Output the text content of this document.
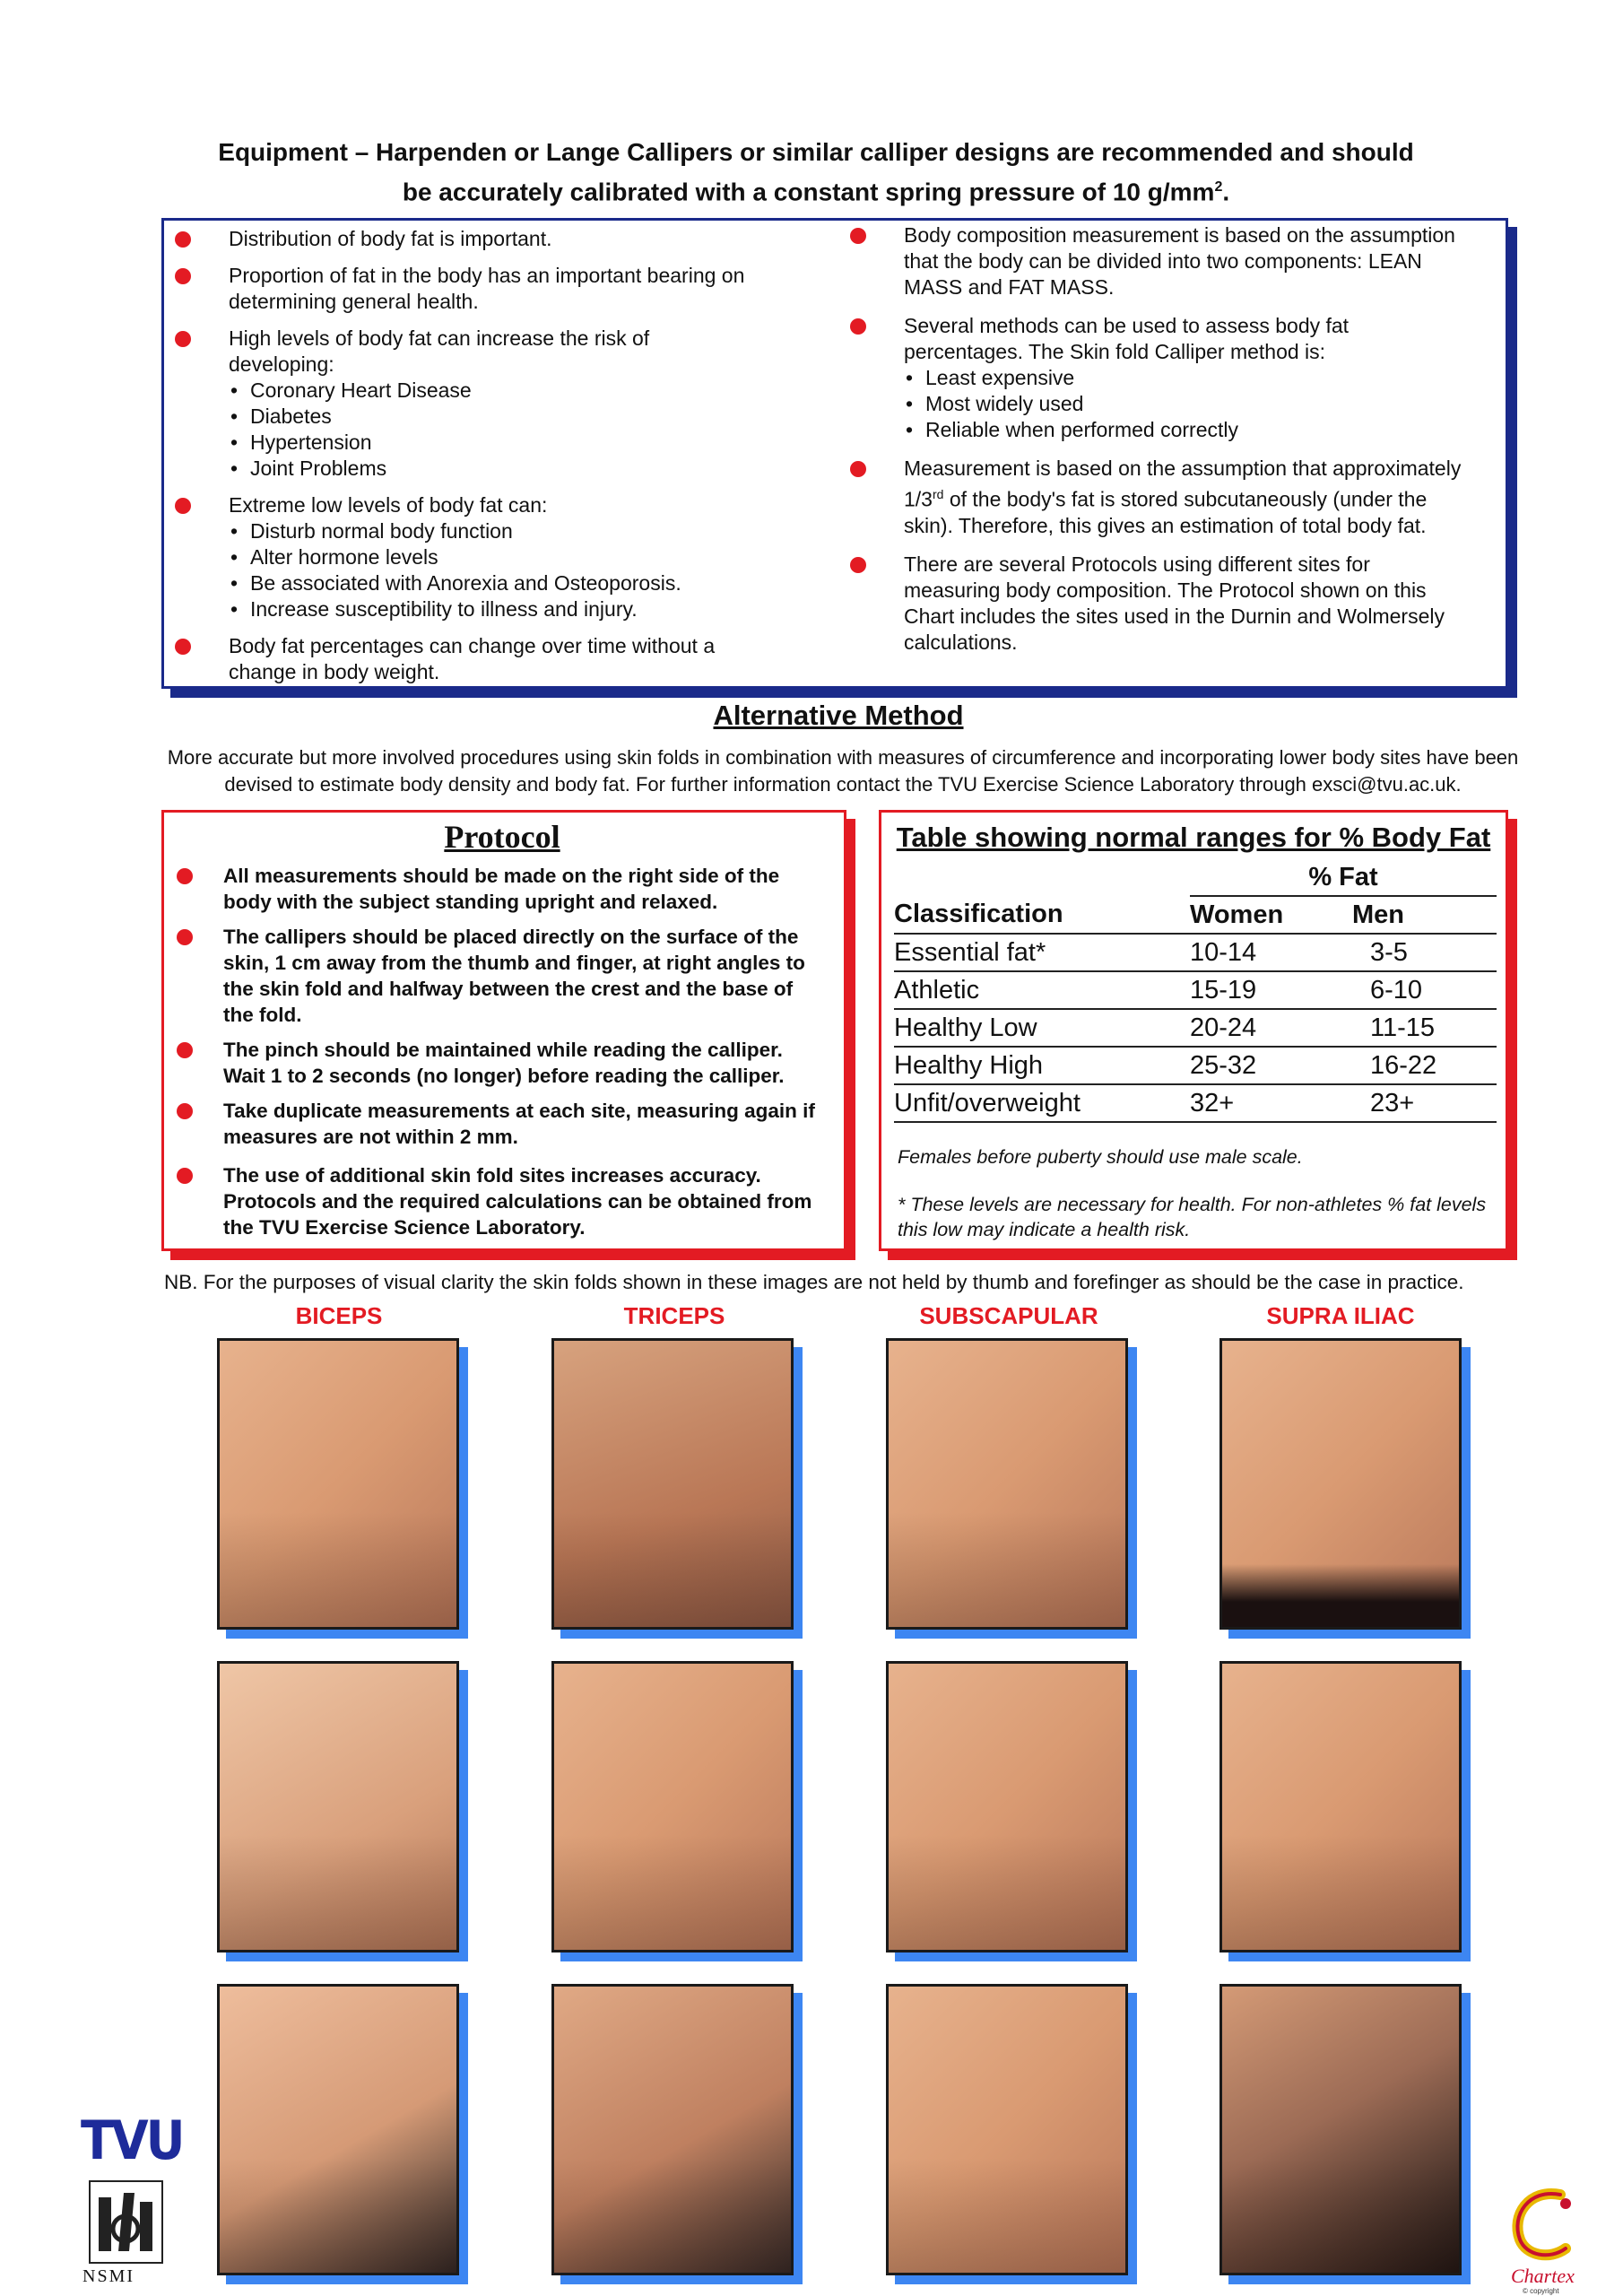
Equipment – Harpenden or Lange Callipers or similar calliper designs are recommended and should
be accurately calibrated with a constant spring pressure of 10 $g/mm^2$.
Distribution of body fat is important.
Proportion of fat in the body has an important bearing on determining general health.
High levels of body fat can increase the risk of developing:
• Coronary Heart Disease
• Diabetes
• Hypertension
• Joint Problems
Extreme low levels of body fat can:
• Disturb normal body function
• Alter hormone levels
• Be associated with Anorexia and Osteoporosis.
• Increase susceptibility to illness and injury.
Body fat percentages can change over time without a change in body weight.
Body composition measurement is based on the assumption that the body can be divided into two components: LEAN MASS and FAT MASS.
Several methods can be used to assess body fat percentages. The Skin fold Calliper method is:
• Least expensive
• Most widely used
• Reliable when performed correctly
Measurement is based on the assumption that approximately 1/3rd of the body's fat is stored subcutaneously (under the skin). Therefore, this gives an estimation of total body fat.
There are several Protocols using different sites for measuring body composition. The Protocol shown on this Chart includes the sites used in the Durnin and Wolmersely calculations.
Alternative Method
More accurate but more involved procedures using skin folds in combination with measures of circumference and incorporating lower body sites have been devised to estimate body density and body fat. For further information contact the TVU Exercise Science Laboratory through exsci@tvu.ac.uk.
Protocol
All measurements should be made on the right side of the body with the subject standing upright and relaxed.
The callipers should be placed directly on the surface of the skin, 1 cm away from the thumb and finger, at right angles to the skin fold and halfway between the crest and the base of the fold.
The pinch should be maintained while reading the calliper. Wait 1 to 2 seconds (no longer) before reading the calliper.
Take duplicate measurements at each site, measuring again if measures are not within 2 mm.
The use of additional skin fold sites increases accuracy. Protocols and the required calculations can be obtained from the TVU Exercise Science Laboratory.
Table showing normal ranges for % Body Fat
	% Fat	
Classification	Women	Men
Essential fat*	10-14	3-5
Athletic	15-19	6-10
Healthy Low	20-24	11-15
Healthy High	25-32	16-22
Unfit/overweight	32+	23+
Females before puberty should use male scale.
* These levels are necessary for health. For non-athletes % fat levels this low may indicate a health risk.
NB. For the purposes of visual clarity the skin folds shown in these images are not held by thumb and forefinger as should be the case in practice.
BICEPS	TRICEPS	SUBSCAPULAR	SUPRA ILIAC
TVU
NSMI	Chartex
© copyright
